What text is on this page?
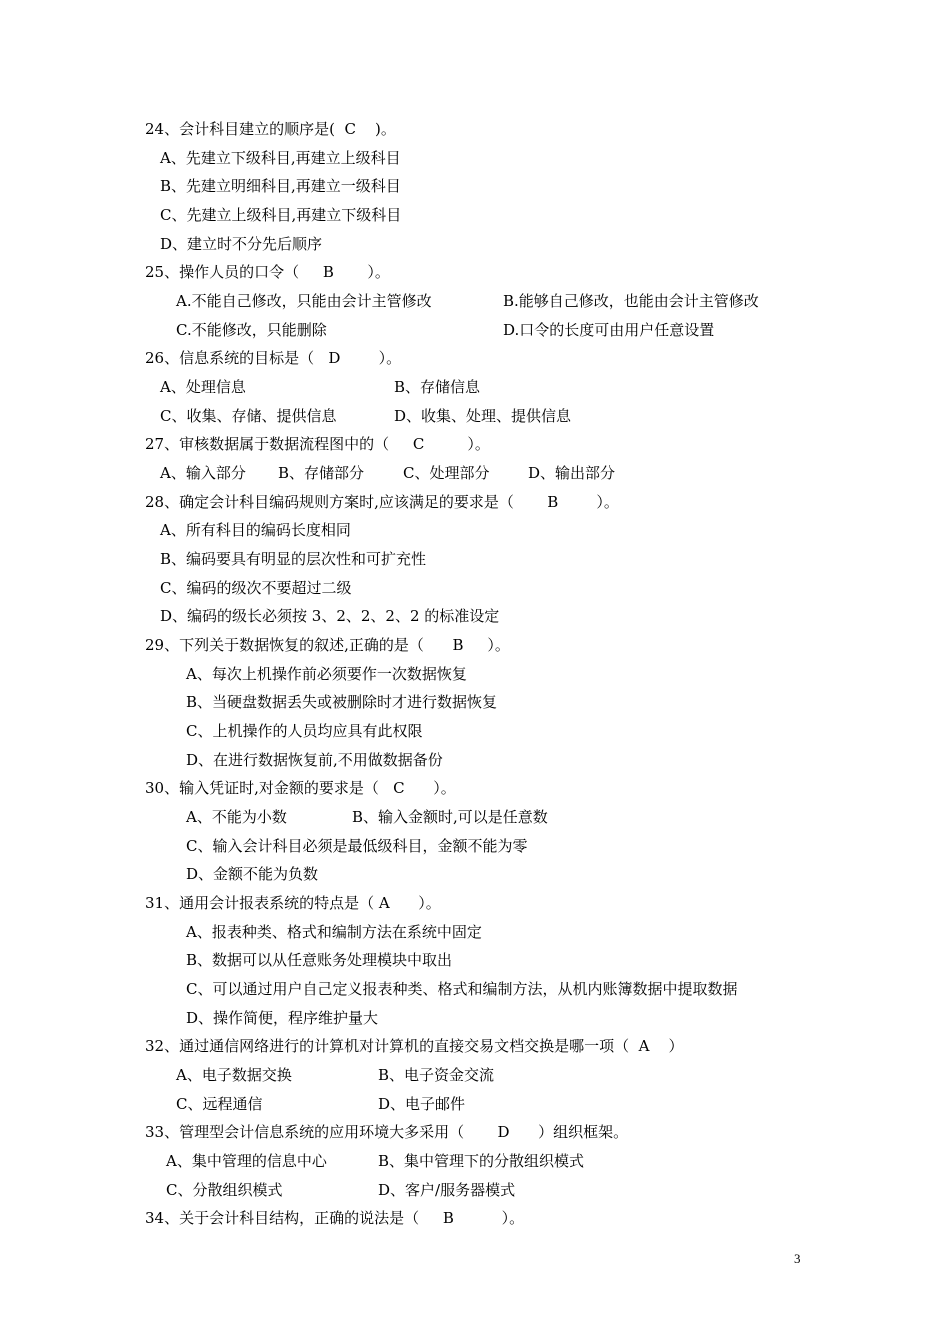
24、会计科目建立的顺序是(  C    )。
A、先建立下级科目,再建立上级科目
B、先建立明细科目,再建立一级科目
C、先建立上级科目,再建立下级科目
D、建立时不分先后顺序
25、操作人员的口令（     B       ）。
A.不能自己修改，只能由会计主管修改	B.能够自己修改，也能由会计主管修改
C.不能修改，只能删除	D.口令的长度可由用户任意设置
26、信息系统的目标是（   D        ）。
A、处理信息	B、存储信息
C、收集、存储、提供信息	D、收集、处理、提供信息
27、审核数据属于数据流程图中的（     C         ）。
A、输入部分 B、存储部分	C、处理部分	D、输出部分
28、确定会计科目编码规则方案时,应该满足的要求是（       B        ）。
A、所有科目的编码长度相同
B、编码要具有明显的层次性和可扩充性
C、编码的级次不要超过二级
D、编码的级长必须按 3、2、2、2、2 的标准设定
29、下列关于数据恢复的叙述,正确的是（      B     ）。
A、每次上机操作前必须要作一次数据恢复
B、当硬盘数据丢失或被删除时才进行数据恢复
C、上机操作的人员均应具有此权限
D、在进行数据恢复前,不用做数据备份
30、输入凭证时,对金额的要求是（   C      ）。
A、不能为小数	B、输入金额时,可以是任意数
C、输入会计科目必须是最低级科目，金额不能为零
D、金额不能为负数
31、通用会计报表系统的特点是（ A      ）。
A、报表种类、格式和编制方法在系统中固定
B、数据可以从任意账务处理模块中取出
C、可以通过用户自己定义报表种类、格式和编制方法，从机内账簿数据中提取数据
D、操作简便，程序维护量大
32、通过通信网络进行的计算机对计算机的直接交易文档交换是哪一项（  A    ）
A、电子数据交换	B、电子资金交流
C、远程通信	D、电子邮件
33、管理型会计信息系统的应用环境大多采用（       D      ）组织框架。
A、集中管理的信息中心	B、集中管理下的分散组织模式
C、分散组织模式	D、客户/服务器模式
34、关于会计科目结构，正确的说法是（     B          ）。
3
